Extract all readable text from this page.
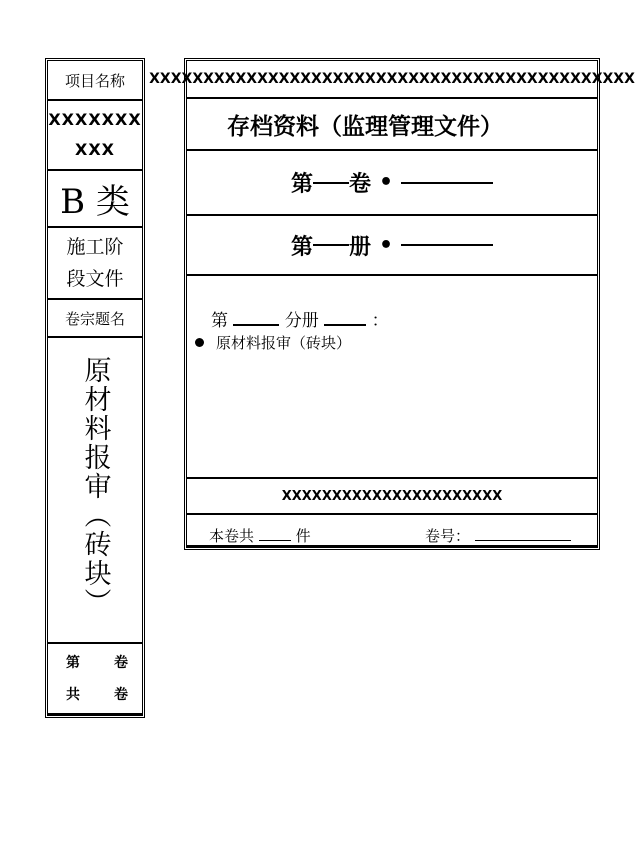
项目名称
XXXXXXX
XXX
B 类
施工阶
段文件
卷宗题名
原材料报审（砖块）
第 卷
共 卷
XXXXXXXXXXXXXXXXXXXXXXXXXXXXXXXXXXXXXXXXXXXXX
存档资料（监理管理文件）
第 卷 •
第 册 •
第	分册	：
原材料报审（砖块）
XXXXXXXXXXXXXXXXXXXXXX
本卷共	件	卷号：
